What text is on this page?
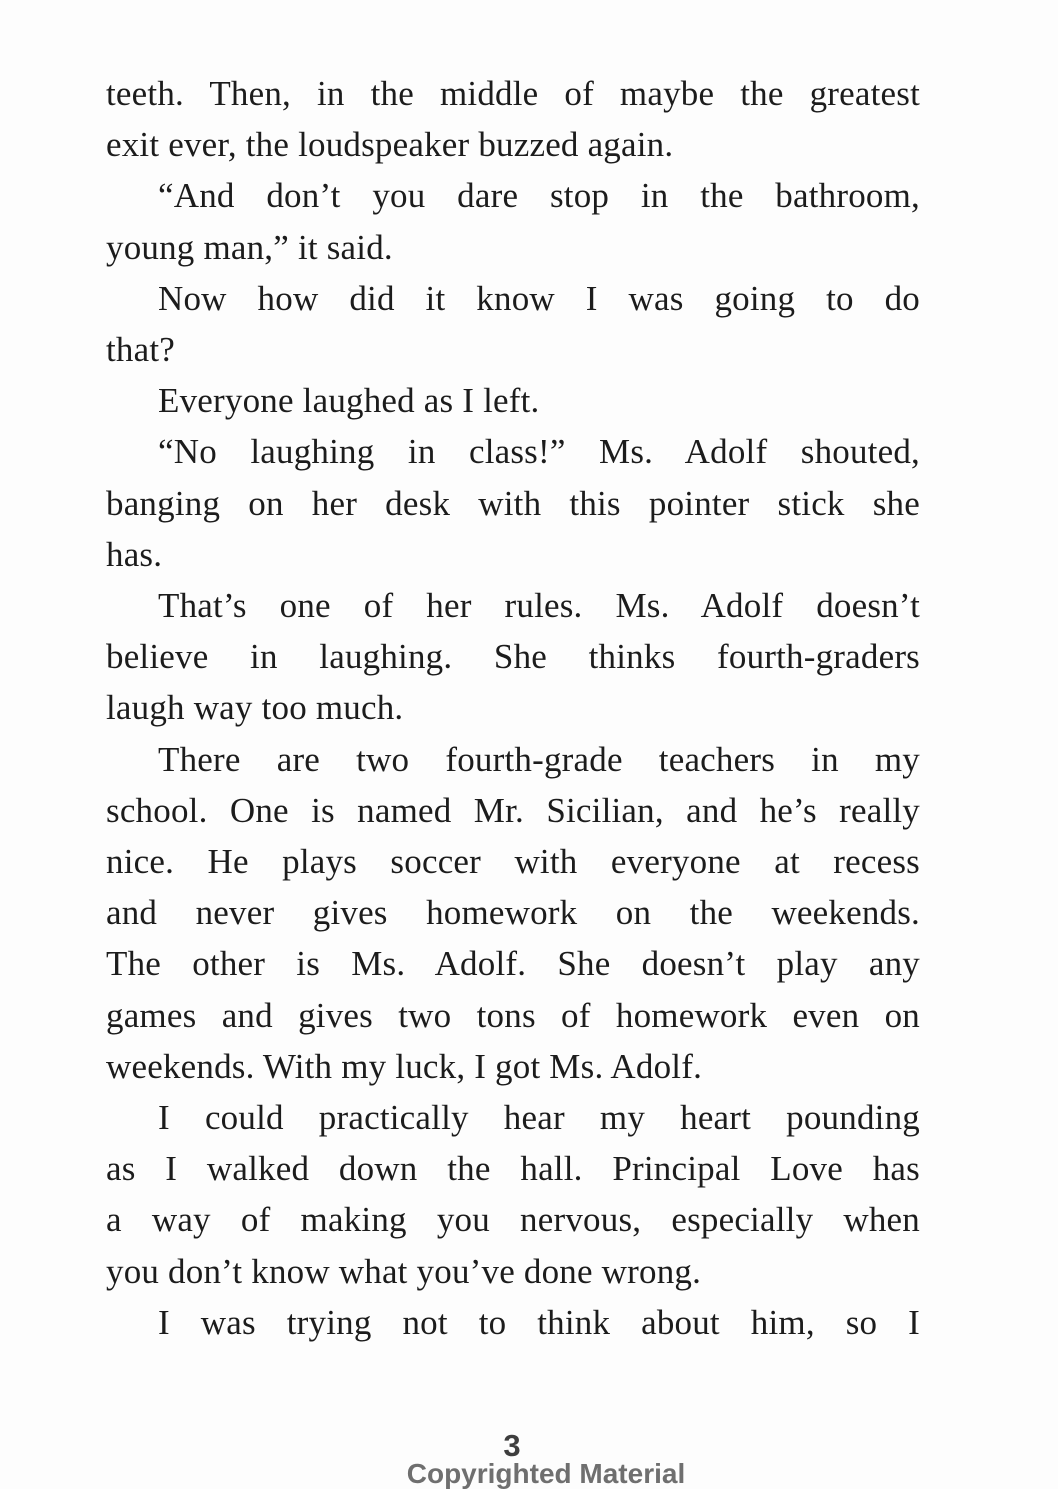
teeth. Then, in the middle of maybe the greatest
exit ever, the loudspeaker buzzed again.
“And don’t you dare stop in the bathroom,
young man,” it said.
Now how did it know I was going to do
that?
Everyone laughed as I left.
“No laughing in class!” Ms. Adolf shouted,
banging on her desk with this pointer stick she
has.
That’s one of her rules. Ms. Adolf doesn’t
believe in laughing. She thinks fourth-graders
laugh way too much.
There are two fourth-grade teachers in my
school. One is named Mr. Sicilian, and he’s really
nice. He plays soccer with everyone at recess
and never gives homework on the weekends.
The other is Ms. Adolf. She doesn’t play any
games and gives two tons of homework even on
weekends. With my luck, I got Ms. Adolf.
I could practically hear my heart pounding
as I walked down the hall. Principal Love has
a way of making you nervous, especially when
you don’t know what you’ve done wrong.
I was trying not to think about him, so I
3
Copyrighted Material
